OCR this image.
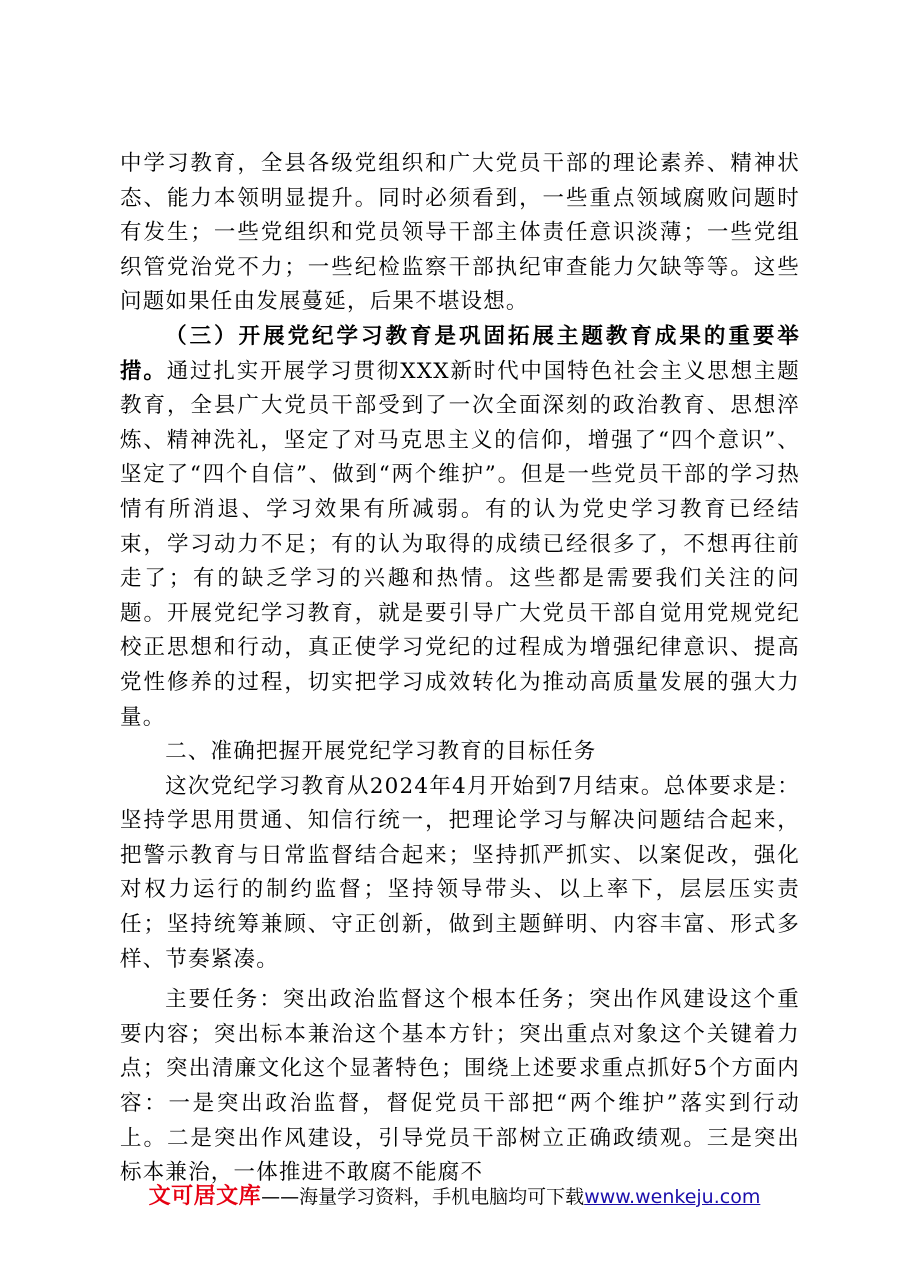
中学习教育，全县各级党组织和广大党员干部的理论素养、精神状态、能力本领明显提升。同时必须看到，一些重点领域腐败问题时有发生；一些党组织和党员领导干部主体责任意识淡薄；一些党组织管党治党不力；一些纪检监察干部执纪审查能力欠缺等等。这些问题如果任由发展蔓延，后果不堪设想。

（三）开展党纪学习教育是巩固拓展主题教育成果的重要举措。通过扎实开展学习贯彻XXX新时代中国特色社会主义思想主题教育，全县广大党员干部受到了一次全面深刻的政治教育、思想淬炼、精神洗礼，坚定了对马克思主义的信仰，增强了“四个意识”、坚定了“四个自信”、做到“两个维护”。但是一些党员干部的学习热情有所消退、学习效果有所减弱。有的认为党史学习教育已经结束，学习动力不足；有的认为取得的成绩已经很多了，不想再往前走了；有的缺乏学习的兴趣和热情。这些都是需要我们关注的问题。开展党纪学习教育，就是要引导广大党员干部自觉用党规党纪校正思想和行动，真正使学习党纪的过程成为增强纪律意识、提高党性修养的过程，切实把学习成效转化为推动高质量发展的强大力量。

二、准确把握开展党纪学习教育的目标任务

这次党纪学习教育从2024年4月开始到7月结束。总体要求是：坚持学思用贯通、知信行统一，把理论学习与解决问题结合起来，把警示教育与日常监督结合起来；坚持抓严抓实、以案促改，强化对权力运行的制约监督；坚持领导带头、以上率下，层层压实责任；坚持统筹兼顾、守正创新，做到主题鲜明、内容丰富、形式多样、节奏紧凑。

主要任务：突出政治监督这个根本任务；突出作风建设这个重要内容；突出标本兼治这个基本方针；突出重点对象这个关键着力点；突出清廉文化这个显著特色；围绕上述要求重点抓好5个方面内容：一是突出政治监督，督促党员干部把“两个维护”落实到行动上。二是突出作风建设，引导党员干部树立正确政绩观。三是突出标本兼治，一体推进不敢腐不能腐不

文可居文库——海量学习资料，手机电脑均可下载www.wenkeju.com
